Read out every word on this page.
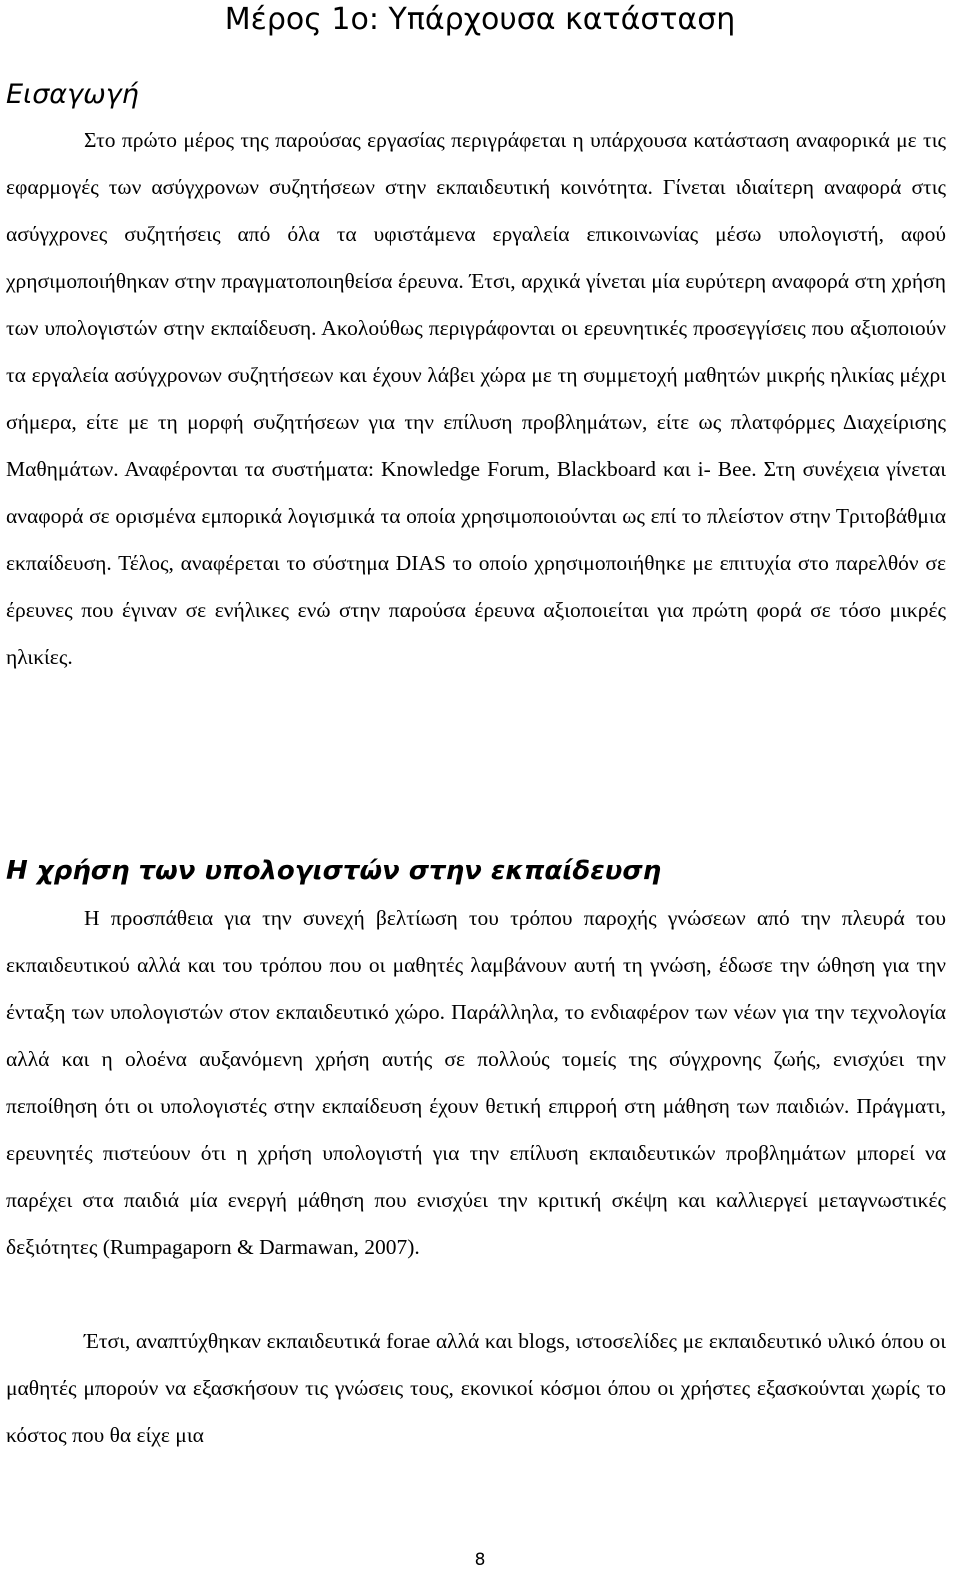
Μέρος 1ο: Υπάρχουσα κατάσταση
Εισαγωγή

Στο πρώτο μέρος της παρούσας εργασίας περιγράφεται η υπάρχουσα κατάσταση αναφορικά με τις εφαρμογές των ασύγχρονων συζητήσεων στην εκπαιδευτική κοινότητα. Γίνεται ιδιαίτερη αναφορά στις ασύγχρονες συζητήσεις από όλα τα υφιστάμενα εργαλεία επικοινωνίας μέσω υπολογιστή, αφού χρησιμοποιήθηκαν στην πραγματοποιηθείσα έρευνα. Έτσι, αρχικά γίνεται μία ευρύτερη αναφορά στη χρήση των υπολογιστών στην εκπαίδευση. Ακολούθως περιγράφονται οι ερευνητικές προσεγγίσεις που αξιοποιούν τα εργαλεία ασύγχρονων συζητήσεων και έχουν λάβει χώρα με τη συμμετοχή μαθητών μικρής ηλικίας μέχρι σήμερα, είτε με τη μορφή συζητήσεων για την επίλυση προβλημάτων, είτε ως πλατφόρμες Διαχείρισης Μαθημάτων. Αναφέρονται τα συστήματα: Knowledge Forum, Blackboard και i- Bee. Στη συνέχεια γίνεται αναφορά σε ορισμένα εμπορικά λογισμικά τα οποία χρησιμοποιούνται ως επί το πλείστον στην Τριτοβάθμια εκπαίδευση. Τέλος, αναφέρεται το σύστημα DIAS το οποίο χρησιμοποιήθηκε με επιτυχία στο παρελθόν σε έρευνες που έγιναν σε ενήλικες ενώ στην παρούσα έρευνα αξιοποιείται για πρώτη φορά σε τόσο μικρές ηλικίες.

Η χρήση των υπολογιστών στην εκπαίδευση

Η προσπάθεια για την συνεχή βελτίωση του τρόπου παροχής γνώσεων από την πλευρά του εκπαιδευτικού αλλά και του τρόπου που οι μαθητές λαμβάνουν αυτή τη γνώση, έδωσε την ώθηση για την ένταξη των υπολογιστών στον εκπαιδευτικό χώρο. Παράλληλα, το ενδιαφέρον των νέων για την τεχνολογία αλλά και η ολοένα αυξανόμενη χρήση αυτής σε πολλούς τομείς της σύγχρονης ζωής, ενισχύει την πεποίθηση ότι οι υπολογιστές στην εκπαίδευση έχουν θετική επιρροή στη μάθηση των παιδιών. Πράγματι, ερευνητές πιστεύουν ότι η χρήση υπολογιστή για την επίλυση εκπαιδευτικών προβλημάτων μπορεί να παρέχει στα παιδιά μία ενεργή μάθηση που ενισχύει την κριτική σκέψη και καλλιεργεί μεταγνωστικές δεξιότητες (Rumpagaporn & Darmawan, 2007).

Έτσι, αναπτύχθηκαν εκπαιδευτικά forae αλλά και blogs, ιστοσελίδες με εκπαιδευτικό υλικό όπου οι μαθητές μπορούν να εξασκήσουν τις γνώσεις τους, εκονικοί κόσμοι όπου οι χρήστες εξασκούνται χωρίς το κόστος που θα είχε μια

8
